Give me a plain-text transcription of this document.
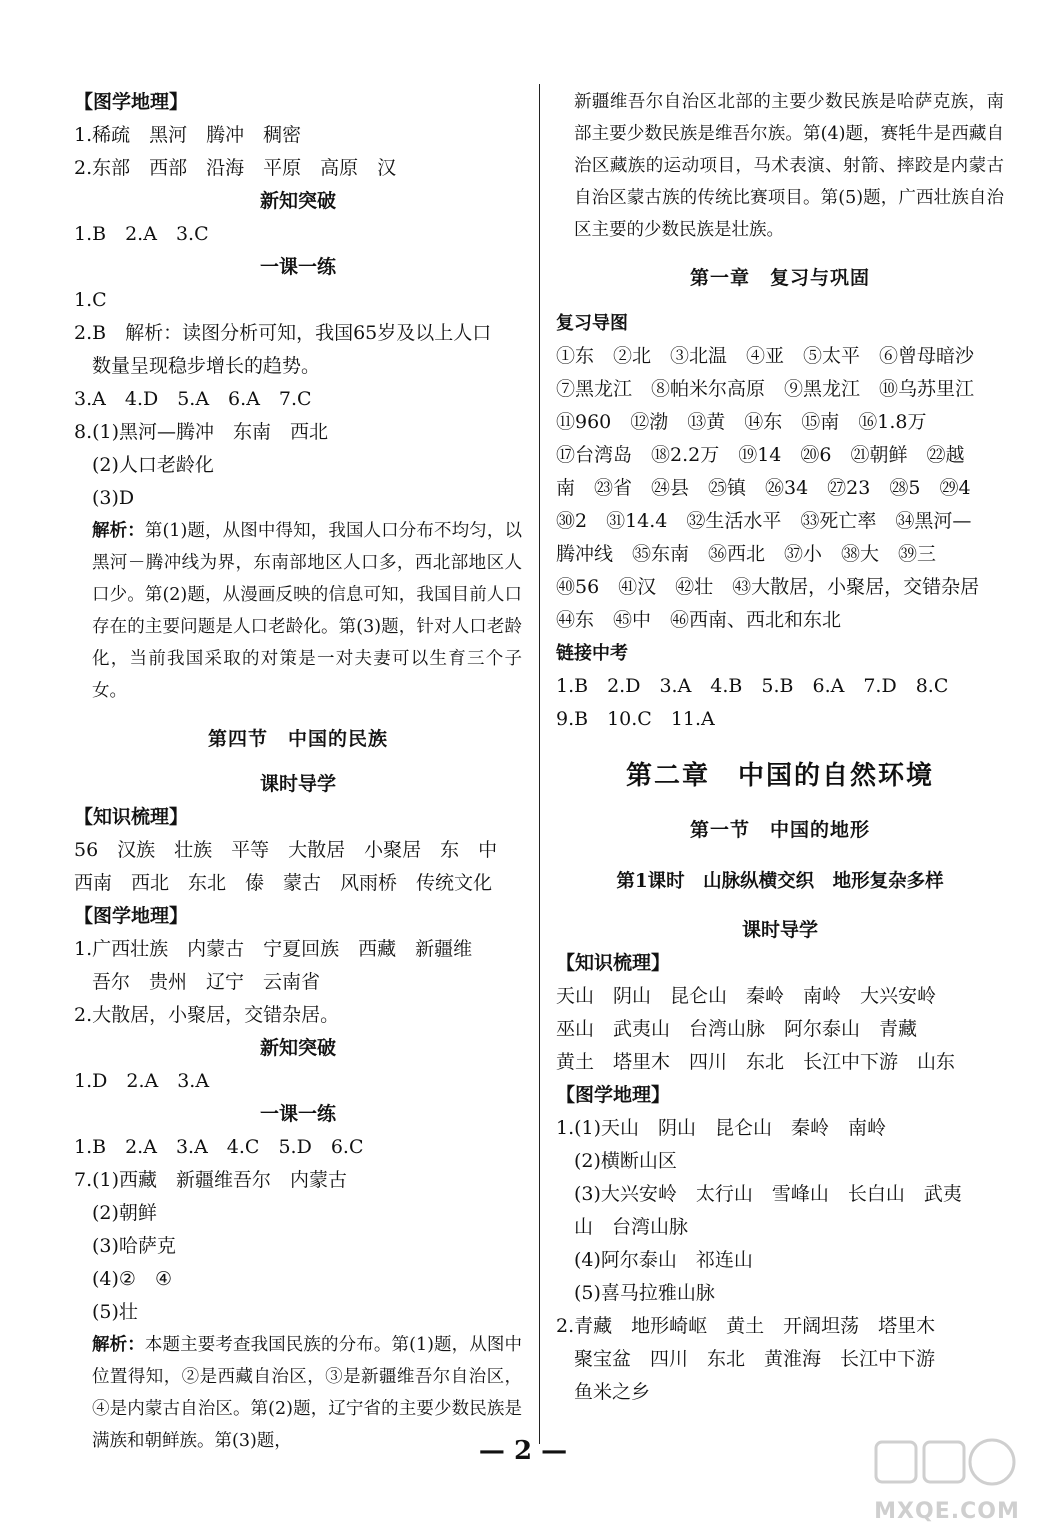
【图学地理】
1.稀疏　黑河　腾冲　稠密
2.东部　西部　沿海　平原　高原　汉
新知突破
1.B　2.A　3.C
一课一练
1.C
2.B　解析：读图分析可知，我国65岁及以上人口
数量呈现稳步增长的趋势。
3.A　4.D　5.A　6.A　7.C
8.(1)黑河—腾冲　东南　西北
(2)人口老龄化
(3)D
解析：第(1)题，从图中得知，我国人口分布不均匀，以黑河－腾冲线为界，东南部地区人口多，西北部地区人口少。第(2)题，从漫画反映的信息可知，我国目前人口存在的主要问题是人口老龄化。第(3)题，针对人口老龄化，当前我国采取的对策是一对夫妻可以生育三个子女。
第四节　中国的民族
课时导学
【知识梳理】
56　汉族　壮族　平等　大散居　小聚居　东　中
西南　西北　东北　傣　蒙古　风雨桥　传统文化
【图学地理】
1.广西壮族　内蒙古　宁夏回族　西藏　新疆维
吾尔　贵州　辽宁　云南省
2.大散居，小聚居，交错杂居。
新知突破
1.D　2.A　3.A
一课一练
1.B　2.A　3.A　4.C　5.D　6.C
7.(1)西藏　新疆维吾尔　内蒙古
(2)朝鲜
(3)哈萨克
(4)②　④
(5)壮
解析：本题主要考查我国民族的分布。第(1)题，从图中位置得知，②是西藏自治区，③是新疆维吾尔自治区，④是内蒙古自治区。第(2)题，辽宁省的主要少数民族是满族和朝鲜族。第(3)题，
新疆维吾尔自治区北部的主要少数民族是哈萨克族，南部主要少数民族是维吾尔族。第(4)题，赛牦牛是西藏自治区藏族的运动项目，马术表演、射箭、摔跤是内蒙古自治区蒙古族的传统比赛项目。第(5)题，广西壮族自治区主要的少数民族是壮族。
第一章　复习与巩固
复习导图
①东　②北　③北温　④亚　⑤太平　⑥曾母暗沙
⑦黑龙江　⑧帕米尔高原　⑨黑龙江　⑩乌苏里江
⑪960　⑫渤　⑬黄　⑭东　⑮南　⑯1.8万
⑰台湾岛　⑱2.2万　⑲14　⑳6　㉑朝鲜　㉒越
南　㉓省　㉔县　㉕镇　㉖34　㉗23　㉘5　㉙4
㉚2　㉛14.4　㉜生活水平　㉝死亡率　㉞黑河—
腾冲线　㉟东南　㊱西北　㊲小　㊳大　㊴三
㊵56　㊶汉　㊷壮　㊸大散居，小聚居，交错杂居
㊹东　㊺中　㊻西南、西北和东北
链接中考
1.B　2.D　3.A　4.B　5.B　6.A　7.D　8.C
9.B　10.C　11.A
第二章　中国的自然环境
第一节　中国的地形
第1课时　山脉纵横交织　地形复杂多样
课时导学
【知识梳理】
天山　阴山　昆仑山　秦岭　南岭　大兴安岭
巫山　武夷山　台湾山脉　阿尔泰山　青藏
黄土　塔里木　四川　东北　长江中下游　山东
【图学地理】
1.(1)天山　阴山　昆仑山　秦岭　南岭
(2)横断山区
(3)大兴安岭　太行山　雪峰山　长白山　武夷
山　台湾山脉
(4)阿尔泰山　祁连山
(5)喜马拉雅山脉
2.青藏　地形崎岖　黄土　开阔坦荡　塔里木
聚宝盆　四川　东北　黄淮海　长江中下游
鱼米之乡
— 2 —
MXQE.COM
